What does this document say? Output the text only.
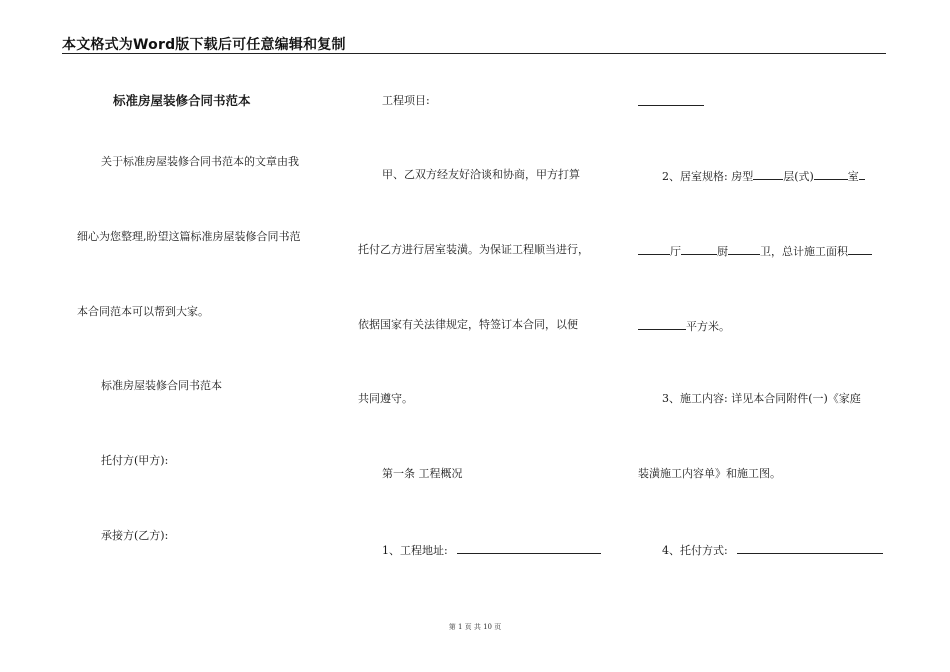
本文格式为Word版下载后可任意编辑和复制
标准房屋装修合同书范本
关于标准房屋装修合同书范本的文章由我
细心为您整理,盼望这篇标准房屋装修合同书范
本合同范本可以帮到大家。
标准房屋装修合同书范本
托付方(甲方):
承接方(乙方):
工程项目:
甲、乙双方经友好洽谈和协商，甲方打算
托付乙方进行居室装潢。为保证工程顺当进行，
依据国家有关法律规定，特签订本合同，以便
共同遵守。
第一条 工程概况
1、工程地址:
2、居室规格: 房型	层(式)	室
厅	厨	卫，总计施工面积
平方米。
3、施工内容: 详见本合同附件(一)《家庭
装潢施工内容单》和施工图。
4、托付方式:
第 1 页 共 10 页
